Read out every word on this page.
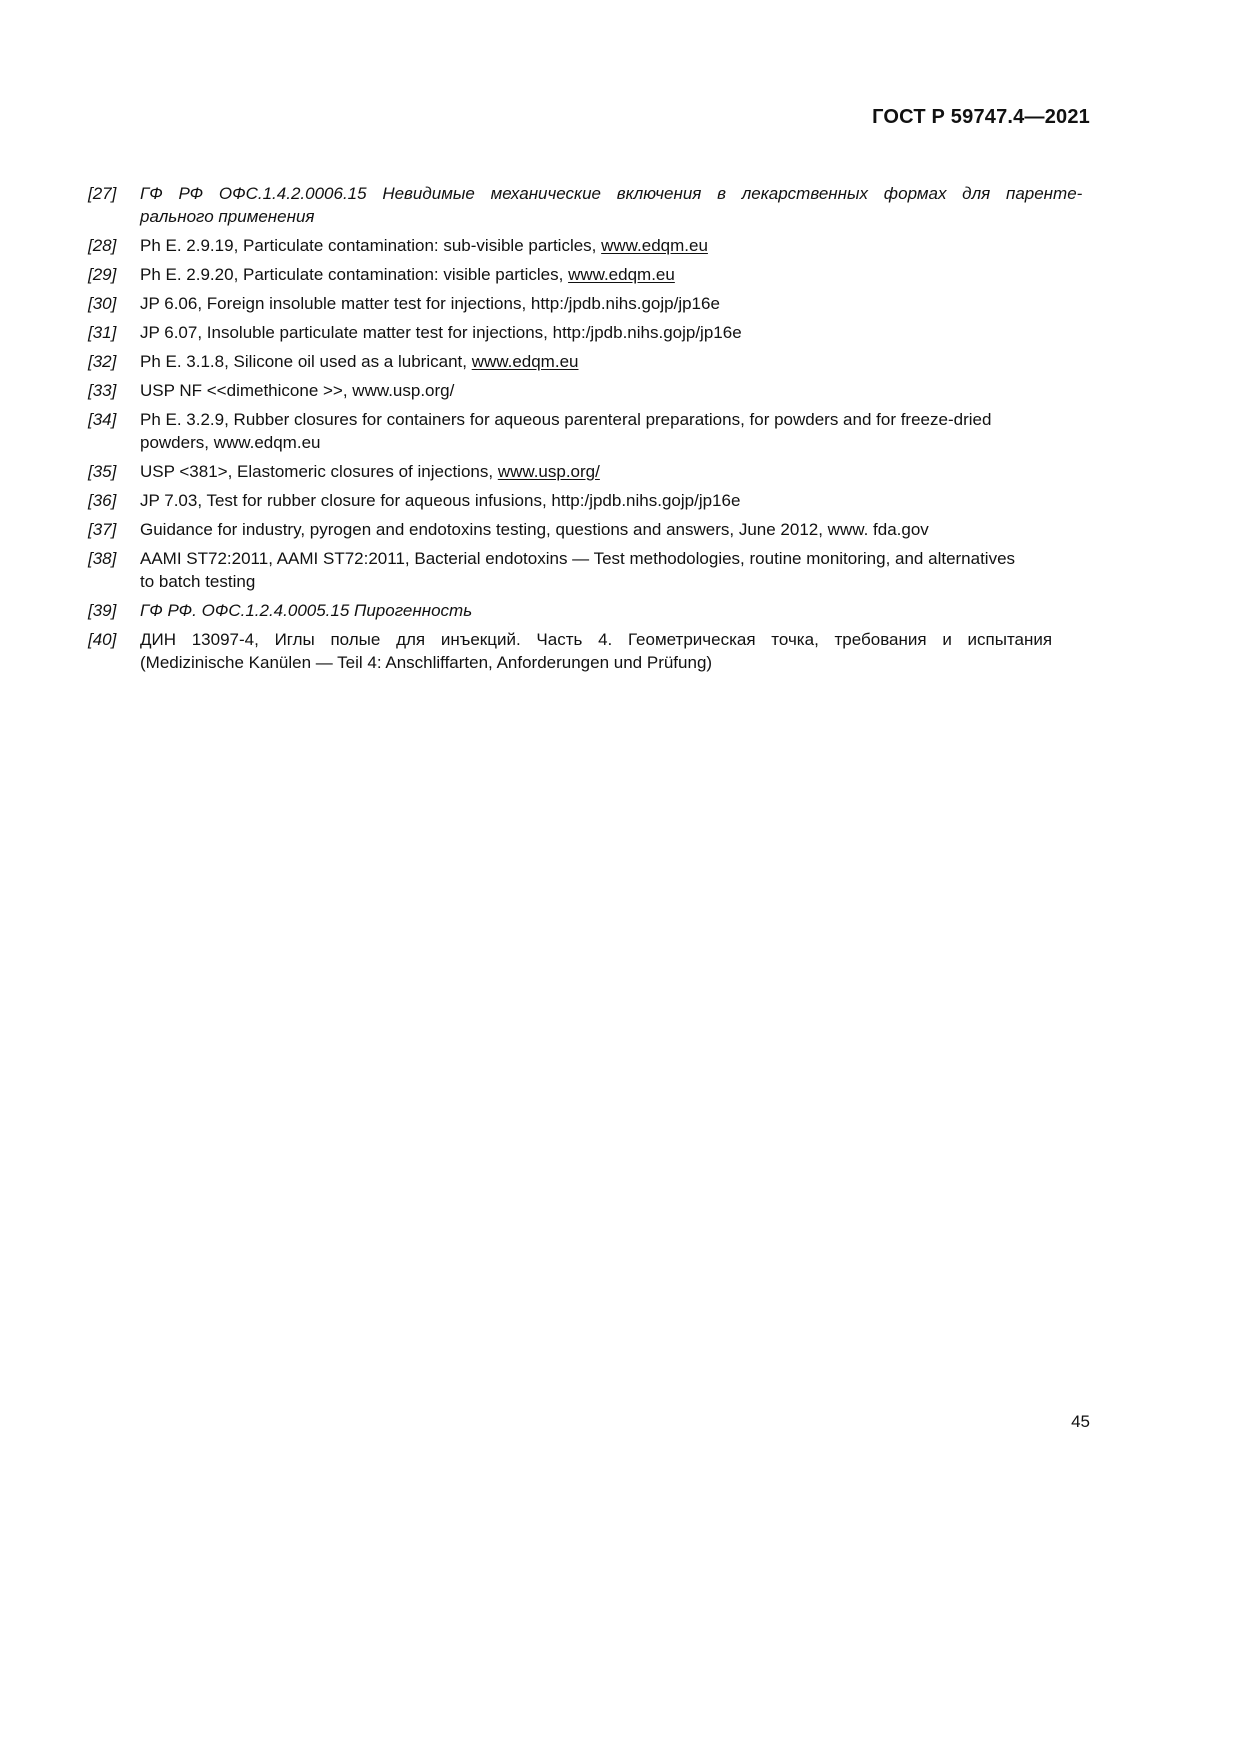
ГОСТ Р 59747.4—2021
[27]	ГФ РФ ОФС.1.4.2.0006.15 Невидимые механические включения в лекарственных формах для паренте-
рального применения
[28]	Ph E. 2.9.19, Particulate contamination: sub-visible particles, www.edqm.eu
[29]	Ph E. 2.9.20, Particulate contamination: visible particles, www.edqm.eu
[30]	JP 6.06, Foreign insoluble matter test for injections, http:/jpdb.nihs.gojp/jp16e
[31]	JP 6.07, Insoluble particulate matter test for injections, http:/jpdb.nihs.gojp/jp16e
[32]	Ph E. 3.1.8, Silicone oil used as a lubricant, www.edqm.eu
[33]	USP NF <<dimethicone >>, www.usp.org/
[34]	Ph E. 3.2.9, Rubber closures for containers for aqueous parenteral preparations, for powders and for freeze-dried
powders, www.edqm.eu
[35]	USP <381>, Elastomeric closures of injections, www.usp.org/
[36]	JP 7.03, Test for rubber closure for aqueous infusions, http:/jpdb.nihs.gojp/jp16e
[37]	Guidance for industry, pyrogen and endotoxins testing, questions and answers, June 2012, www. fda.gov
[38]	AAMI ST72:2011, AAMI ST72:2011, Bacterial endotoxins — Test methodologies, routine monitoring, and alternatives
to batch testing
[39]	ГФ РФ. ОФС.1.2.4.0005.15 Пирогенность
[40]	ДИН 13097-4, Иглы полые для инъекций. Часть 4. Геометрическая точка, требования и испытания
(Medizinische Kanülen — Teil 4: Anschliffarten, Anforderungen und Prüfung)
45
